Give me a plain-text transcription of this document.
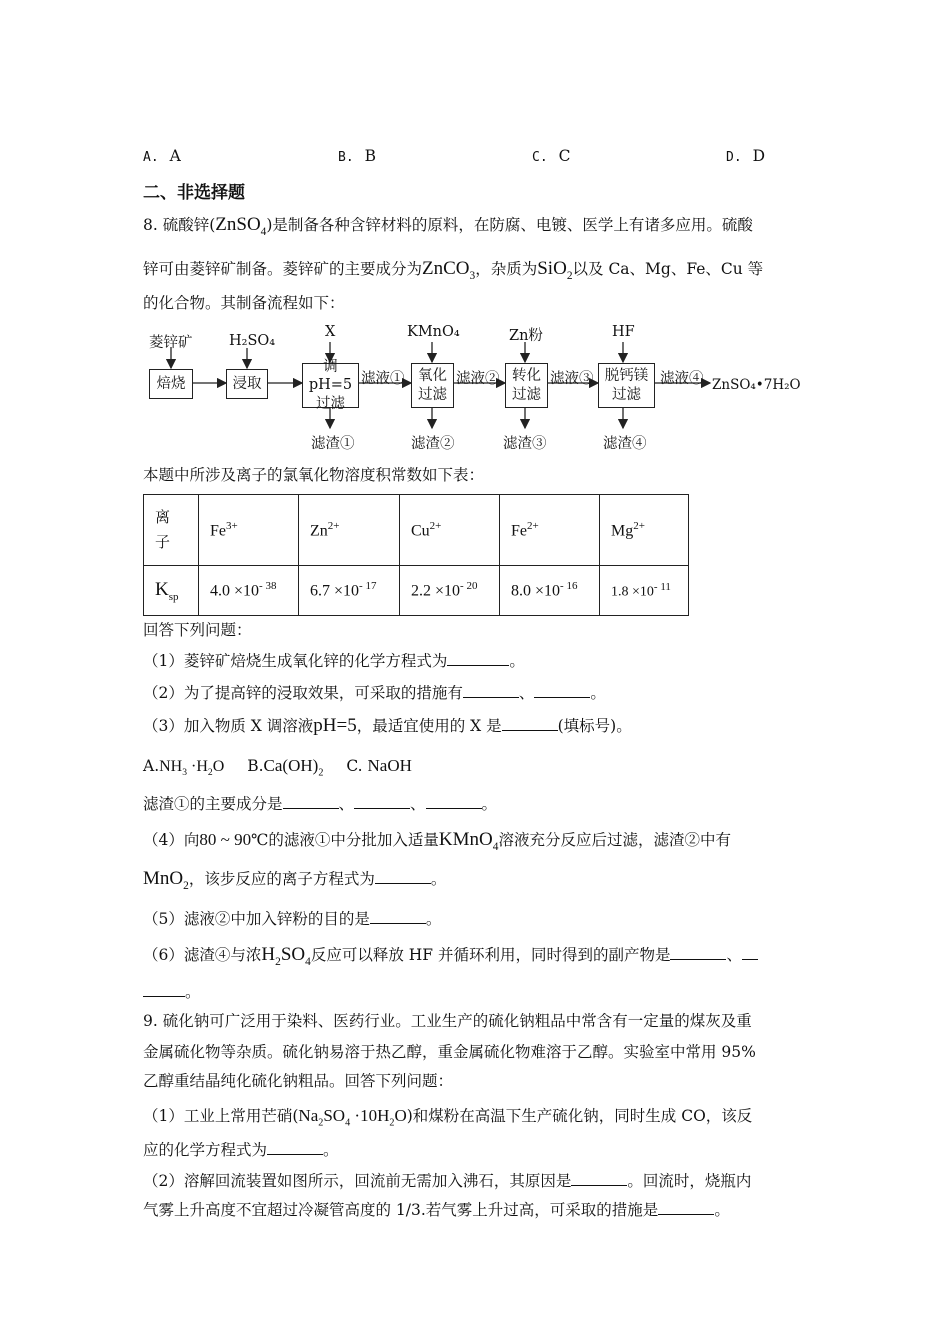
A. A	B. B	C. C	D. D
二、非选择题
8. 硫酸锌(ZnSO$_4$)是制备各种含锌材料的原料，在防腐、电镀、医学上有诸多应用。硫酸
锌可由菱锌矿制备。菱锌矿的主要成分为ZnCO$_3$，杂质为SiO$_2$以及 Ca、Mg、Fe、Cu 等
的化合物。其制备流程如下：
菱锌矿	H₂SO₄
X	KMnO₄	Zn粉	HF
焙烧	浸取
调pH=5
过滤
氧化
过滤
转化
过滤
脱钙镁
过滤
滤液①	滤液②	滤液③	滤液④ ZnSO₄•7H₂O
滤渣①	滤渣②	滤渣③	滤渣④
本题中所涉及离子的氯氧化物溶度积常数如下表：
离
子	$Fe^{3+}$	$Zn^{2+}$	$Cu^{2+}$	$Fe^{2+}$	$Mg^{2+}$
$K_{sp}$	$4.0 \times 10^{- 38}$	$6.7 \times 10^{- 17}$	$2.2 \times 10^{- 20}$	$8.0 \times 10^{- 16}$	$1.8 \times 10^{- 11}$
回答下列问题：
（1）菱锌矿焙烧生成氧化锌的化学方程式为	。
（2）为了提高锌的浸取效果，可采取的措施有	、	。
（3）加入物质 X 调溶液pH=5，最适宜使用的 X 是	(填标号)。
$A.NH_3 \cdot H_2O$ $B.Ca(OH)_2$ C. NaOH
滤渣①的主要成分是	、	、	。
（4）向80 ~ 90℃的滤液①中分批加入适量KMnO$_4$溶液充分反应后过滤，滤渣②中有
MnO$_2$，该步反应的离子方程式为	。
（5）滤液②中加入锌粉的目的是	。
（6）滤渣④与浓$H_2SO_4$反应可以释放 HF 并循环利用，同时得到的副产物是	、
。
9. 硫化钠可广泛用于染料、医药行业。工业生产的硫化钠粗品中常含有一定量的煤灰及重
金属硫化物等杂质。硫化钠易溶于热乙醇，重金属硫化物难溶于乙醇。实验室中常用 95%
乙醇重结晶纯化硫化钠粗品。回答下列问题：
（1）工业上常用芒硝$(Na_2SO_4 \cdot 10H_2O)$和煤粉在高温下生产硫化钠，同时生成 CO，该反
应的化学方程式为	。
（2）溶解回流装置如图所示，回流前无需加入沸石，其原因是	。回流时，烧瓶内
气雾上升高度不宜超过冷凝管高度的 1/3.若气雾上升过高，可采取的措施是	。
